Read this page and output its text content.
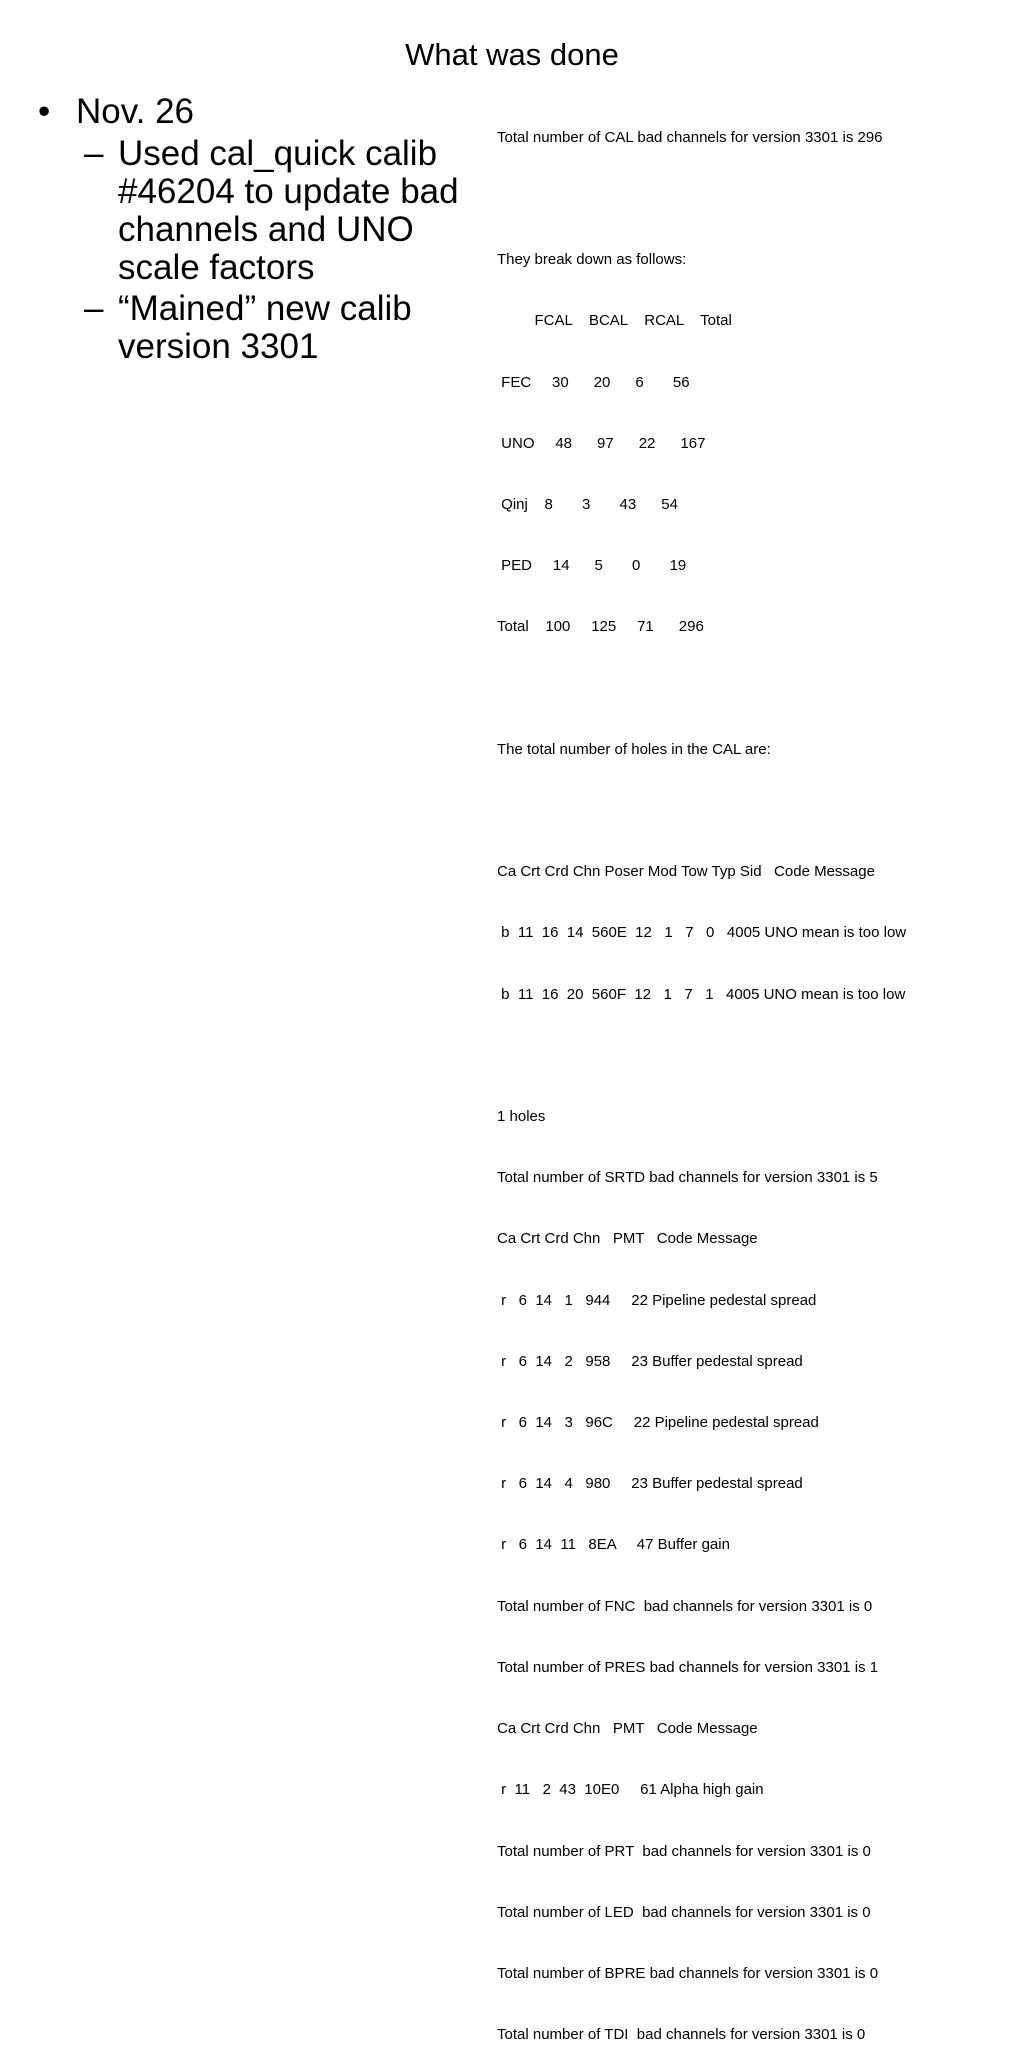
What was done
• Nov. 26
– Used cal_quick calib #46204 to update bad channels and UNO scale factors
– “Mained” new calib version 3301

Total number of CAL bad channels for version 3301 is 296

They break down as follows:

FCAL    BCAL    RCAL    Total

FEC     30      20      6       56

UNO     48      97      22      167

Qinj    8       3       43      54

PED     14      5       0       19

Total    100     125     71      296

The total number of holes in the CAL are:

Ca Crt Crd Chn Poser Mod Tow Typ Sid   Code Message

b  11  16  14  560E  12   1   7   0   4005 UNO mean is too low

b  11  16  20  560F  12   1   7   1   4005 UNO mean is too low

1 holes

Total number of SRTD bad channels for version 3301 is 5

Ca Crt Crd Chn   PMT   Code Message

r   6  14   1   944     22 Pipeline pedestal spread

r   6  14   2   958     23 Buffer pedestal spread

r   6  14   3   96C     22 Pipeline pedestal spread

r   6  14   4   980     23 Buffer pedestal spread

r   6  14  11   8EA     47 Buffer gain

Total number of FNC  bad channels for version 3301 is 0

Total number of PRES bad channels for version 3301 is 1

Ca Crt Crd Chn   PMT   Code Message

r  11   2  43  10E0     61 Alpha high gain

Total number of PRT  bad channels for version 3301 is 0

Total number of LED  bad channels for version 3301 is 0

Total number of BPRE bad channels for version 3301 is 0

Total number of TDI  bad channels for version 3301 is 0
